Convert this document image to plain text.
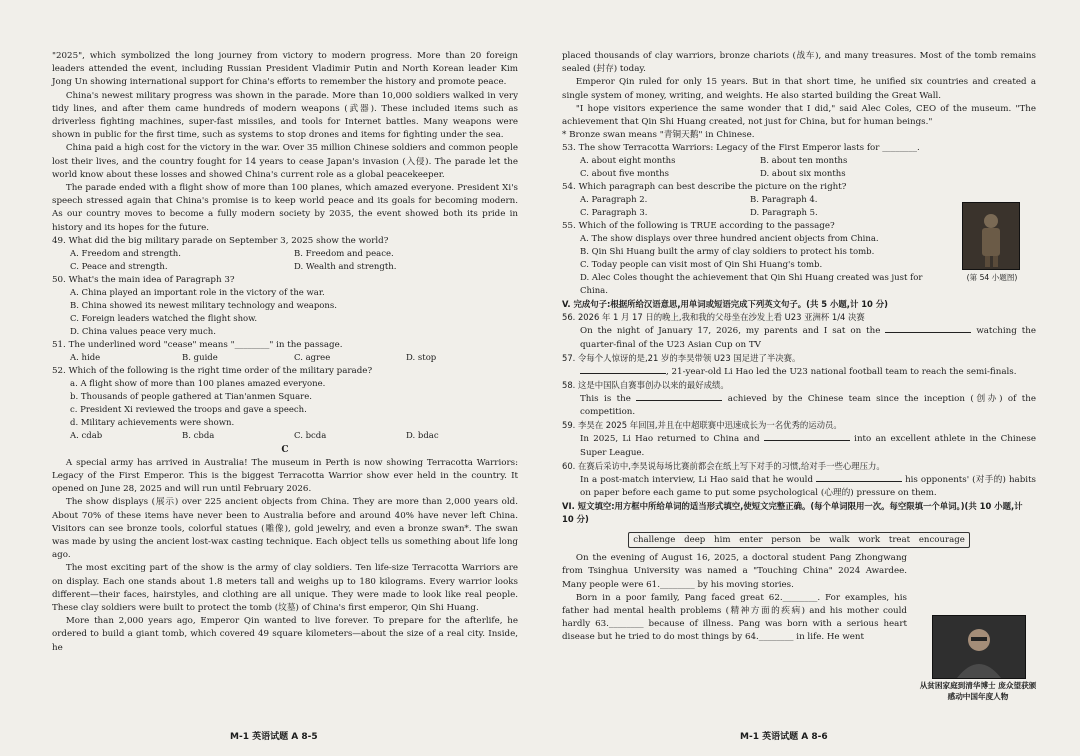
"2025", which symbolized the long journey from victory to modern progress. More than 20 foreign leaders attended the event, including Russian President Vladimir Putin and North Korean leader Kim Jong Un showing international support for China's efforts to remember the history and promote peace.

China's newest military progress was shown in the parade. More than 10,000 soldiers walked in very tidy lines, and after them came hundreds of modern weapons (武器). These included items such as driverless fighting machines, super-fast missiles, and tools for Internet battles. Many weapons were shown in public for the first time, such as systems to stop drones and items for fighting under the sea.

China paid a high cost for the victory in the war. Over 35 million Chinese soldiers and common people lost their lives, and the country fought for 14 years to cease Japan's invasion (入侵). The parade let the world know about these losses and showed China's current role as a global peacekeeper.

The parade ended with a flight show of more than 100 planes, which amazed everyone. President Xi's speech stressed again that China's promise is to keep world peace and its goals for becoming modern. As our country moves to become a fully modern society by 2035, the event showed both its pride in history and its hopes for the future.

49. What did the big military parade on September 3, 2025 show the world?

A. Freedom and strength.	B. Freedom and peace.
C. Peace and strength.	D. Wealth and strength.

50. What's the main idea of Paragraph 3?

A. China played an important role in the victory of the war.
B. China showed its newest military technology and weapons.
C. Foreign leaders watched the flight show.
D. China values peace very much.

51. The underlined word "cease" means "________" in the passage.

A. hide	B. guide	C. agree	D. stop

52. Which of the following is the right time order of the military parade?

a. A flight show of more than 100 planes amazed everyone.
b. Thousands of people gathered at Tian'anmen Square.
c. President Xi reviewed the troops and gave a speech.
d. Military achievements were shown.
A. cdab	B. cbda	C. bcda	D. bdac

C

A special army has arrived in Australia! The museum in Perth is now showing Terracotta Warriors: Legacy of the First Emperor. This is the biggest Terracotta Warrior show ever held in the country. It opened on June 28, 2025 and will run until February 2026.

The show displays (展示) over 225 ancient objects from China. They are more than 2,000 years old. About 70% of these items have never been to Australia before and around 40% have never left China. Visitors can see bronze tools, colorful statues (雕像), gold jewelry, and even a bronze swan*. The swan was made by using the ancient lost-wax casting technique. Each object tells us something about life long ago.

The most exciting part of the show is the army of clay soldiers. Ten life-size Terracotta Warriors are on display. Each one stands about 1.8 meters tall and weighs up to 180 kilograms. Every warrior looks different—their faces, hairstyles, and clothing are all unique. They were made to look like real people. These clay soldiers were built to protect the tomb (坟墓) of China's first emperor, Qin Shi Huang.

More than 2,000 years ago, Emperor Qin wanted to live forever. To prepare for the afterlife, he ordered to build a giant tomb, which covered 49 square kilometers—about the size of a real city. Inside, he

M-1 英语试题 A 8-5

placed thousands of clay warriors, bronze chariots (战车), and many treasures. Most of the tomb remains sealed (封存) today.

Emperor Qin ruled for only 15 years. But in that short time, he unified six countries and created a single system of money, writing, and weights. He also started building the Great Wall.

"I hope visitors experience the same wonder that I did," said Alec Coles, CEO of the museum. "The achievement that Qin Shi Huang created, not just for China, but for human beings."

* Bronze swan means "青铜天鹅" in Chinese.

53. The show Terracotta Warriors: Legacy of the First Emperor lasts for ________.

A. about eight months	B. about ten months
C. about five months	D. about six months

54. Which paragraph can best describe the picture on the right?

A. Paragraph 2.	B. Paragraph 4.
C. Paragraph 3.	D. Paragraph 5.

(第 54 小题图)

55. Which of the following is TRUE according to the passage?

A. The show displays over three hundred ancient objects from China.
B. Qin Shi Huang built the army of clay soldiers to protect his tomb.
C. Today people can visit most of Qin Shi Huang's tomb.
D. Alec Coles thought the achievement that Qin Shi Huang created was just for China.

V. 完成句子:根据所给汉语意思,用单词或短语完成下列英文句子。(共 5 小题,计 10 分)

56. 2026 年 1 月 17 日的晚上,我和我的父母坐在沙发上看 U23 亚洲杯 1/4 决赛

On the night of January 17, 2026, my parents and I sat on the	watching the quarter-final of the U23 Asian Cup on TV

57. 令每个人惊讶的是,21 岁的李昊带领 U23 国足进了半决赛。

, 21-year-old Li Hao led the U23 national football team to reach the semi-finals.

58. 这是中国队自赛事创办以来的最好成绩。

This is the	achieved by the Chinese team since the inception (创办) of the competition.

59. 李昊在 2025 年回国,并且在中超联赛中迅速成长为一名优秀的运动员。

In 2025, Li Hao returned to China and	into an excellent athlete in the Chinese Super League.

60. 在赛后采访中,李昊说每场比赛前都会在纸上写下对手的习惯,给对手一些心理压力。

In a post-match interview, Li Hao said that he would	his opponents' (对手的) habits on paper before each game to put some psychological (心理的) pressure on them.

VI. 短文填空:用方框中所给单词的适当形式填空,使短文完整正确。(每个单词限用一次。每空限填一个单词。)(共 10 小题,计 10 分)

challenge deep him enter person be walk work treat encourage

On the evening of August 16, 2025, a doctoral student Pang Zhongwang from Tsinghua University was named a "Touching China" 2024 Awardee. Many people were 61.________ by his moving stories.

Born in a poor family, Pang faced great 62.________. For examples, his father had mental health problems (精神方面的疾病) and his mother could hardly 63.________ because of illness. Pang was born with a serious heart disease but he tried to do most things by 64.________ in life. He went

从贫困家庭到清华博士 庞众望获颁感动中国年度人物

M-1 英语试题 A 8-6
